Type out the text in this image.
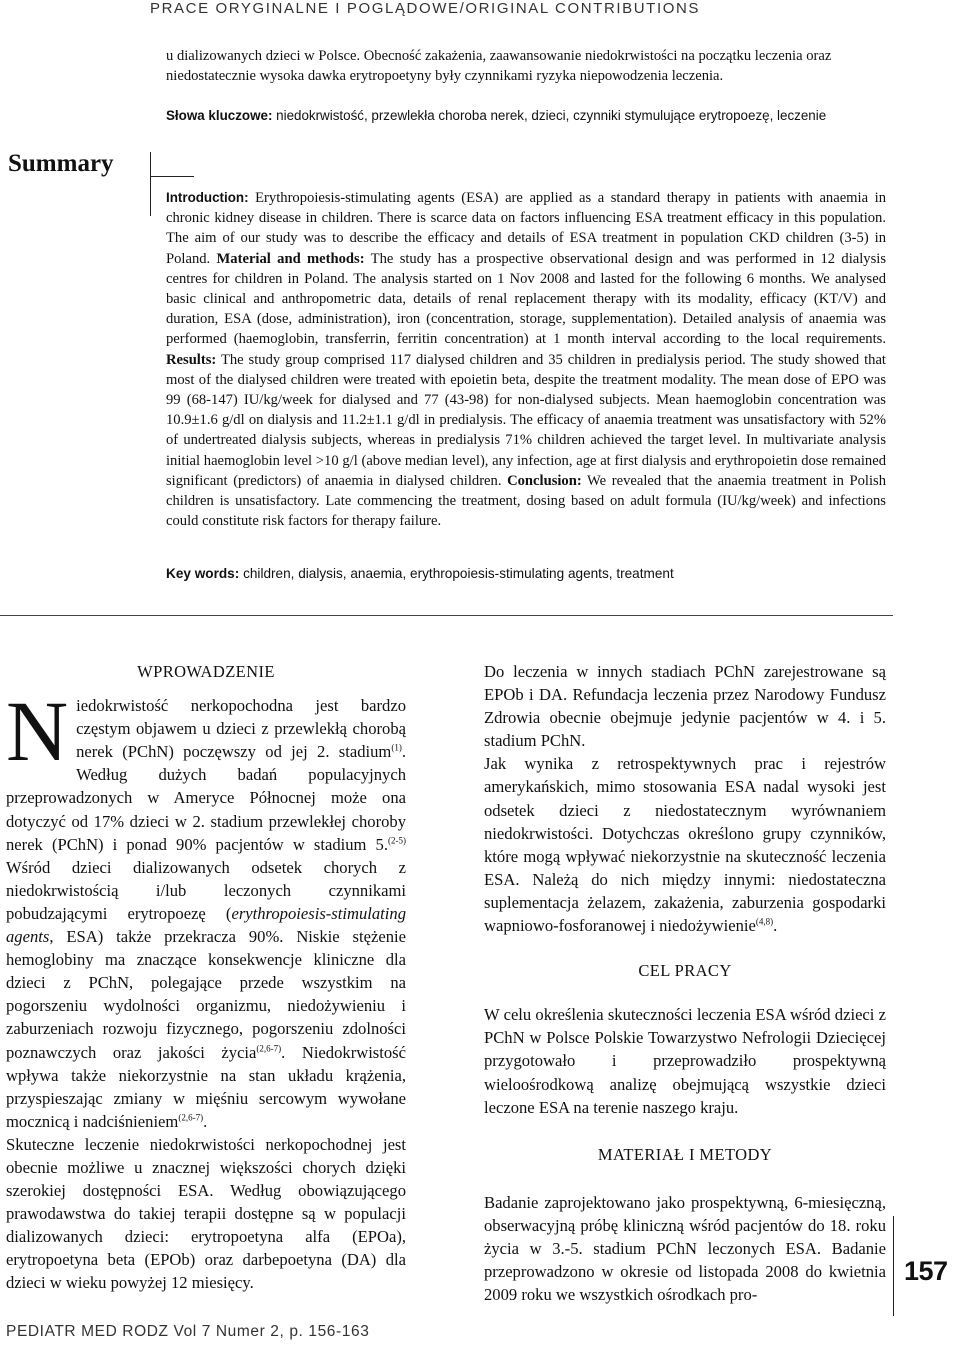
PRACE ORYGINALNE I POGLĄDOWE/ORIGINAL CONTRIBUTIONS
u dializowanych dzieci w Polsce. Obecność zakażenia, zaawansowanie niedokrwistości na początku leczenia oraz niedostatecznie wysoka dawka erytropoetyny były czynnikami ryzyka niepowodzenia leczenia.
Słowa kluczowe: niedokrwistość, przewlekła choroba nerek, dzieci, czynniki stymulujące erytropoezę, leczenie
Summary
Introduction: Erythropoiesis-stimulating agents (ESA) are applied as a standard therapy in patients with anaemia in chronic kidney disease in children. There is scarce data on factors influencing ESA treatment efficacy in this population. The aim of our study was to describe the efficacy and details of ESA treatment in population CKD children (3-5) in Poland. Material and methods: The study has a prospective observational design and was performed in 12 dialysis centres for children in Poland. The analysis started on 1 Nov 2008 and lasted for the following 6 months. We analysed basic clinical and anthropometric data, details of renal replacement therapy with its modality, efficacy (KT/V) and duration, ESA (dose, administration), iron (concentration, storage, supplementation). Detailed analysis of anaemia was performed (haemoglobin, transferrin, ferritin concentration) at 1 month interval according to the local requirements. Results: The study group comprised 117 dialysed children and 35 children in predialysis period. The study showed that most of the dialysed children were treated with epoietin beta, despite the treatment modality. The mean dose of EPO was 99 (68-147) IU/kg/week for dialysed and 77 (43-98) for non-dialysed subjects. Mean haemoglobin concentration was 10.9±1.6 g/dl on dialysis and 11.2±1.1 g/dl in predialysis. The efficacy of anaemia treatment was unsatisfactory with 52% of undertreated dialysis subjects, whereas in predialysis 71% children achieved the target level. In multivariate analysis initial haemoglobin level >10 g/l (above median level), any infection, age at first dialysis and erythropoietin dose remained significant (predictors) of anaemia in dialysed children. Conclusion: We revealed that the anaemia treatment in Polish children is unsatisfactory. Late commencing the treatment, dosing based on adult formula (IU/kg/week) and infections could constitute risk factors for therapy failure.
Key words: children, dialysis, anaemia, erythropoiesis-stimulating agents, treatment
WPROWADZENIE

Niedokrwistość nerkopochodna jest bardzo częstym objawem u dzieci z przewlekłą chorobą nerek (PChN) poczęwszy od jej 2. stadium$^{(1)}$. Według dużych badań populacyjnych przeprowadzonych w Ameryce Północnej może ona dotyczyć od 17% dzieci w 2. stadium przewlekłej choroby nerek (PChN) i ponad 90% pacjentów w stadium 5.$^{(2-5)}$ Wśród dzieci dializowanych odsetek chorych z niedokrwistością i/lub leczonych czynnikami pobudzającymi erytropoezę (erythropoiesis-stimulating agents, ESA) także przekracza 90%. Niskie stężenie hemoglobiny ma znaczące konsekwencje kliniczne dla dzieci z PChN, polegające przede wszystkim na pogorszeniu wydolności organizmu, niedożywieniu i zaburzeniach rozwoju fizycznego, pogorszeniu zdolności poznawczych oraz jakości życia$^{(2,6-7)}$. Niedokrwistość wpływa także niekorzystnie na stan układu krążenia, przyspieszając zmiany w mięśniu sercowym wywołane mocznicą i nadciśnieniem$^{(2,6-7)}$.

Skuteczne leczenie niedokrwistości nerkopochodnej jest obecnie możliwe u znacznej większości chorych dzięki szerokiej dostępności ESA. Według obowiązującego prawodawstwa do takiej terapii dostępne są w populacji dializowanych dzieci: erytropoetyna alfa (EPOa), erytropoetyna beta (EPOb) oraz darbepoetyna (DA) dla dzieci w wieku powyżej 12 miesięcy.

Do leczenia w innych stadiach PChN zarejestrowane są EPOb i DA. Refundacja leczenia przez Narodowy Fundusz Zdrowia obecnie obejmuje jedynie pacjentów w 4. i 5. stadium PChN.

Jak wynika z retrospektywnych prac i rejestrów amerykańskich, mimo stosowania ESA nadal wysoki jest odsetek dzieci z niedostatecznym wyrównaniem niedokrwistości. Dotychczas określono grupy czynników, które mogą wpływać niekorzystnie na skuteczność leczenia ESA. Należą do nich między innymi: niedostateczna suplementacja żelazem, zakażenia, zaburzenia gospodarki wapniowo-fosforanowej i niedożywienie$^{(4,8)}$.

CEL PRACY

W celu określenia skuteczności leczenia ESA wśród dzieci z PChN w Polsce Polskie Towarzystwo Nefrologii Dziecięcej przygotowało i przeprowadziło prospektywną wieloośrodkową analizę obejmującą wszystkie dzieci leczone ESA na terenie naszego kraju.

MATERIAŁ I METODY

Badanie zaprojektowano jako prospektywną, 6-miesięczną, obserwacyjną próbę kliniczną wśród pacjentów do 18. roku życia w 3.-5. stadium PChN leczonych ESA. Badanie przeprowadzono w okresie od listopada 2008 do kwietnia 2009 roku we wszystkich ośrodkach pro-

157
PEDIATR MED RODZ Vol 7 Numer 2, p. 156-163
